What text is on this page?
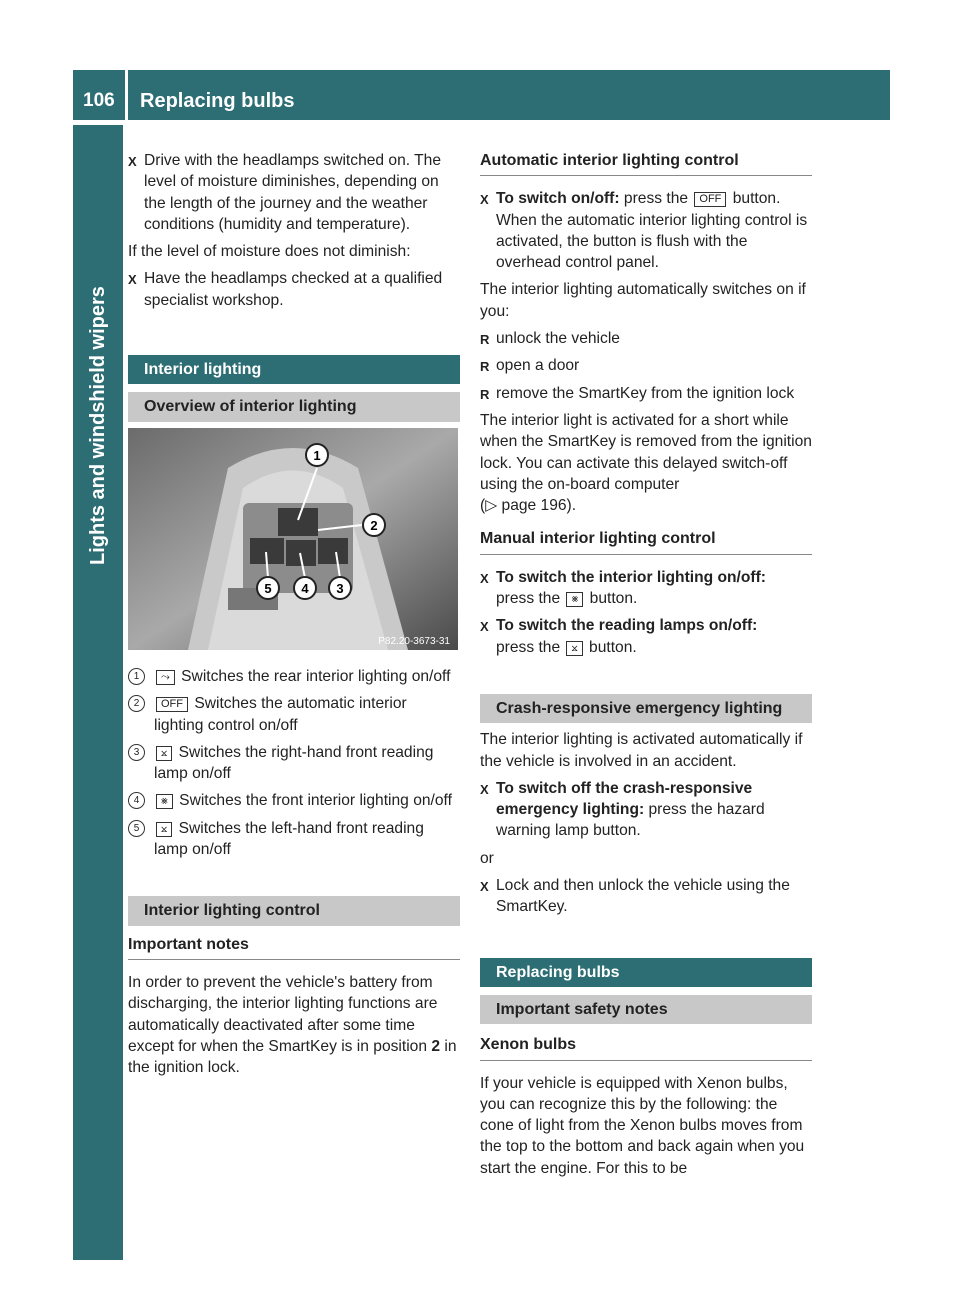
106 Replacing bulbs
Lights and windshield wipers
X Drive with the headlamps switched on. The level of moisture diminishes, depending on the length of the journey and the weather conditions (humidity and temperature).

If the level of moisture does not diminish:

X Have the headlamps checked at a qualified specialist workshop.
Interior lighting
Overview of interior lighting
1
2
3
4
5
P82.20-3673-31
1	⤳ Switches the rear interior lighting on/off
2	OFF Switches the automatic interior lighting control on/off
3	⨲ Switches the right-hand front reading lamp on/off
4	⨳ Switches the front interior lighting on/off
5	⨲ Switches the left-hand front reading lamp on/off
Interior lighting control
Important notes

In order to prevent the vehicle's battery from discharging, the interior lighting functions are automatically deactivated after some time except for when the SmartKey is in position 2 in the ignition lock.

Automatic interior lighting control
X To switch on/off: press the OFF button. When the automatic interior lighting control is activated, the button is flush with the overhead control panel.

The interior lighting automatically switches on if you:

R unlock the vehicle
R open a door
R remove the SmartKey from the ignition lock

The interior light is activated for a short while when the SmartKey is removed from the ignition lock. You can activate this delayed switch-off using the on-board computer
(▷ page 196).

Manual interior lighting control
X To switch the interior lighting on/off:
press the ⨳ button.
X To switch the reading lamps on/off:
press the ⨲ button.
Crash-responsive emergency lighting

The interior lighting is activated automatically if the vehicle is involved in an accident.

X To switch off the crash-responsive emergency lighting: press the hazard warning lamp button.

or

X Lock and then unlock the vehicle using the SmartKey.
Replacing bulbs
Important safety notes
Xenon bulbs

If your vehicle is equipped with Xenon bulbs, you can recognize this by the following: the cone of light from the Xenon bulbs moves from the top to the bottom and back again when you start the engine. For this to be
